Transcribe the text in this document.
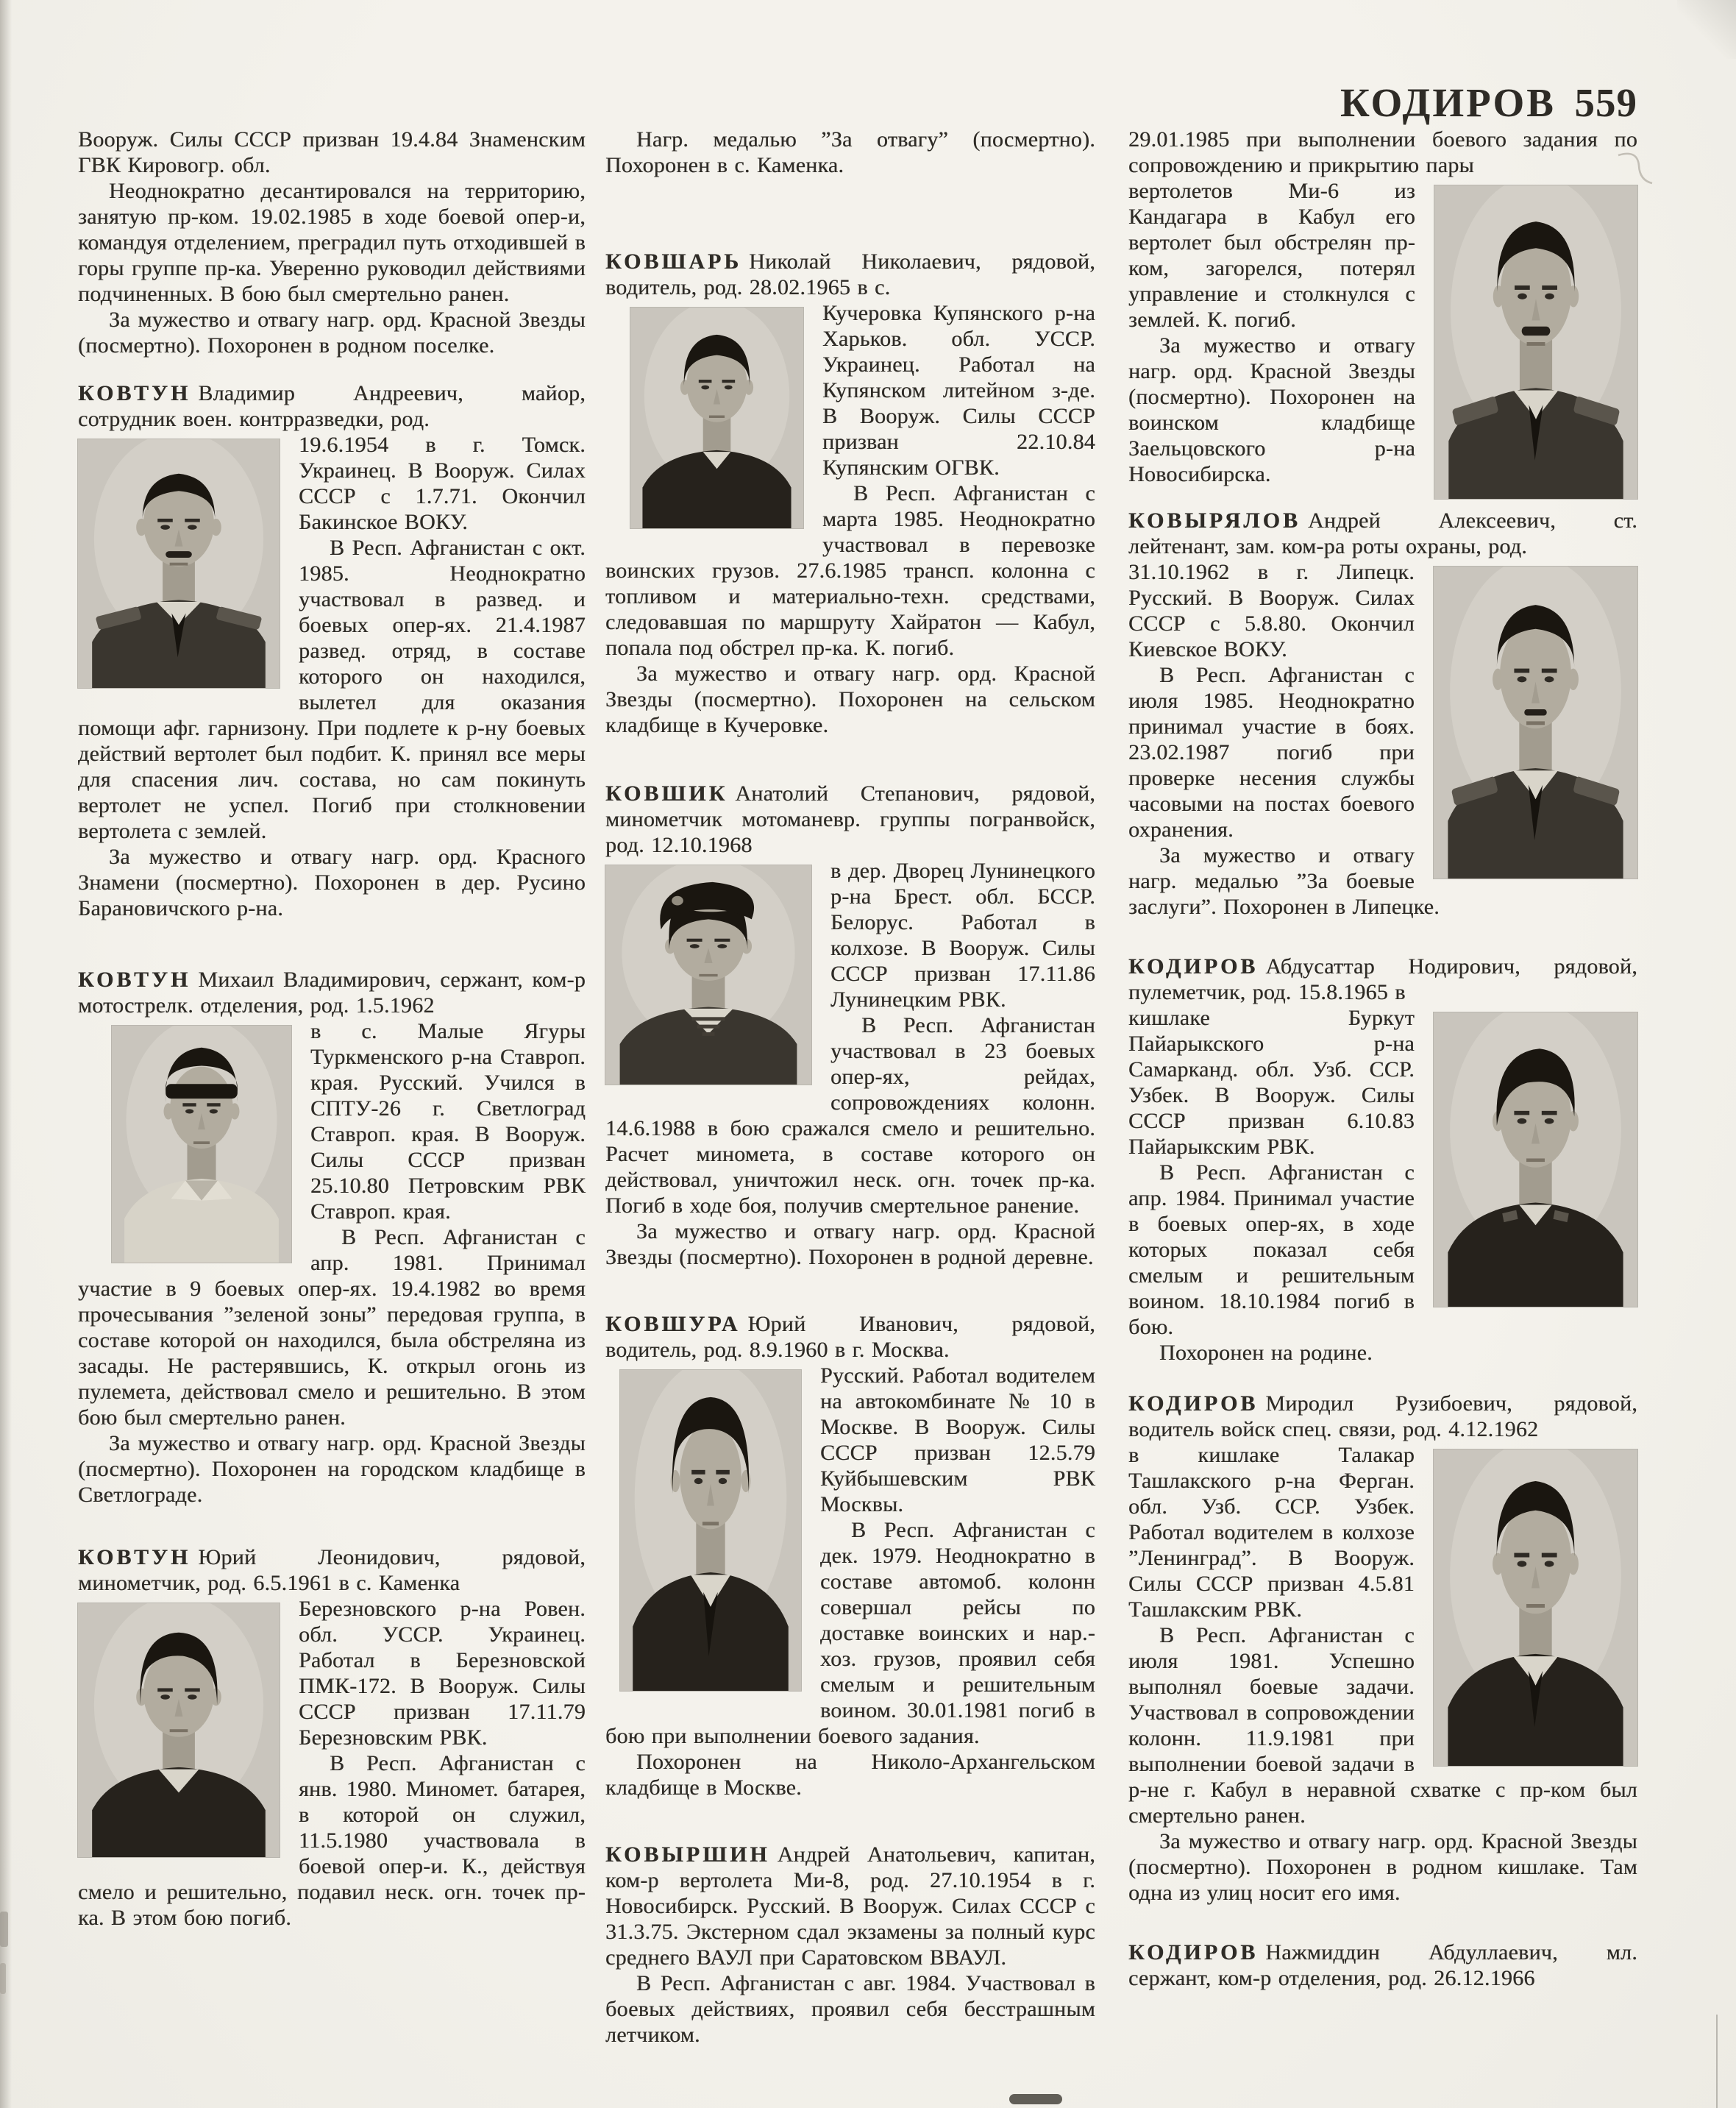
КОДИРОВ 559

Вооруж. Силы СССР призван 19.4.84 Знаменским ГВК Кировогр. обл.

Неоднократно десантировался на территорию, занятую пр-ком. 19.02.1985 в ходе боевой опер-и, командуя отделением, преградил путь отходившей в горы группе пр-ка. Уверенно руководил действиями подчиненных. В бою был смертельно ранен.

За мужество и отвагу нагр. орд. Красной Звезды (посмертно). Похоронен в родном поселке.

КОВТУН Владимир Андреевич, майор, сотрудник воен. контрразведки, род.

19.6.1954 в г. Томск. Украинец. В Вооруж. Силах СССР с 1.7.71. Окончил Бакинское ВОКУ.

В Респ. Афганистан с окт. 1985. Неоднократно участвовал в развед. и боевых опер-ях. 21.4.1987 развед. отряд, в составе которого он находился, вылетел для оказания помощи афг. гарнизону. При подлете к р-ну боевых действий вертолет был подбит. К. принял все меры для спасения лич. состава, но сам покинуть вертолет не успел. Погиб при столкновении вертолета с землей.

За мужество и отвагу нагр. орд. Красного Знамени (посмертно). Похоронен в дер. Русино Барановичского р-на.

КОВТУН Михаил Владимирович, сержант, ком-р мотострелк. отделения, род. 1.5.1962

в с. Малые Ягуры Туркменского р-на Ставроп. края. Русский. Учился в СПТУ-26 г. Светлоград Ставроп. края. В Вооруж. Силы СССР призван 25.10.80 Петровским РВК Ставроп. края.

В Респ. Афганистан с апр. 1981. Принимал участие в 9 боевых опер-ях. 19.4.1982 во время прочесывания ”зеленой зоны” передовая группа, в составе которой он находился, была обстреляна из засады. Не растерявшись, К. открыл огонь из пулемета, действовал смело и решительно. В этом бою был смертельно ранен.

За мужество и отвагу нагр. орд. Красной Звезды (посмертно). Похоронен на городском кладбище в Светлограде.

КОВТУН Юрий Леонидович, рядовой, минометчик, род. 6.5.1961 в с. Каменка

Березновского р-на Ровен. обл. УССР. Украинец. Работал в Березновской ПМК-172. В Вооруж. Силы СССР призван 17.11.79 Березновским РВК.

В Респ. Афганистан с янв. 1980. Миномет. батарея, в которой он служил, 11.5.1980 участвовала в боевой опер-и. К., действуя смело и решительно, подавил неск. огн. точек пр-ка. В этом бою погиб.

Нагр. медалью ”За отвагу” (посмертно). Похоронен в с. Каменка.

КОВШАРЬ Николай Николаевич, рядовой, водитель, род. 28.02.1965 в с.

Кучеровка Купянского р-на Харьков. обл. УССР. Украинец. Работал на Купянском литейном з-де. В Вооруж. Силы СССР призван 22.10.84 Купянским ОГВК.

В Респ. Афганистан с марта 1985. Неоднократно участвовал в перевозке воинских грузов. 27.6.1985 трансп. колонна с топливом и материально-техн. средствами, следовавшая по маршруту Хайратон — Кабул, попала под обстрел пр-ка. К. погиб.

За мужество и отвагу нагр. орд. Красной Звезды (посмертно). Похоронен на сельском кладбище в Кучеровке.

КОВШИК Анатолий Степанович, рядовой, минометчик мотоманевр. группы погранвойск, род. 12.10.1968

в дер. Дворец Лунинецкого р-на Брест. обл. БССР. Белорус. Работал в колхозе. В Вооруж. Силы СССР призван 17.11.86 Лунинецким РВК.

В Респ. Афганистан участвовал в 23 боевых опер-ях, рейдах, сопровождениях колонн. 14.6.1988 в бою сражался смело и решительно. Расчет миномета, в составе которого он действовал, уничтожил неск. огн. точек пр-ка. Погиб в ходе боя, получив смертельное ранение.

За мужество и отвагу нагр. орд. Красной Звезды (посмертно). Похоронен в родной деревне.

КОВШУРА Юрий Иванович, рядовой, водитель, род. 8.9.1960 в г. Москва.

Русский. Работал водителем на автокомбинате № 10 в Москве. В Вооруж. Силы СССР призван 12.5.79 Куйбышевским РВК Москвы.

В Респ. Афганистан с дек. 1979. Неоднократно в составе автомоб. колонн совершал рейсы по доставке воинских и нар.-хоз. грузов, проявил себя смелым и решительным воином. 30.01.1981 погиб в бою при выполнении боевого задания.

Похоронен на Николо-Архангельском кладбище в Москве.

КОВЫРШИН Андрей Анатольевич, капитан, ком-р вертолета Ми-8, род. 27.10.1954 в г. Новосибирск. Русский. В Вооруж. Силах СССР с 31.3.75. Экстерном сдал экзамены за полный курс среднего ВАУЛ при Саратовском ВВАУЛ.

В Респ. Афганистан с авг. 1984. Участвовал в боевых действиях, проявил себя бесстрашным летчиком.

29.01.1985 при выполнении боевого задания по сопровождению и прикрытию пары

вертолетов Ми-6 из Кандагара в Кабул его вертолет был обстрелян пр-ком, загорелся, потерял управление и столкнулся с землей. К. погиб.

За мужество и отвагу нагр. орд. Красной Звезды (посмертно). Похоронен на воинском кладбище Заельцовского р-на Новосибирска.

КОВЫРЯЛОВ Андрей Алексеевич, ст. лейтенант, зам. ком-ра роты охраны, род.

31.10.1962 в г. Липецк. Русский. В Вооруж. Силах СССР с 5.8.80. Окончил Киевское ВОКУ.

В Респ. Афганистан с июля 1985. Неоднократно принимал участие в боях. 23.02.1987 погиб при проверке несения службы часовыми на постах боевого охранения.

За мужество и отвагу нагр. медалью ”За боевые заслуги”. Похоронен в Липецке.

КОДИРОВ Абдусаттар Нодирович, рядовой, пулеметчик, род. 15.8.1965 в

кишлаке Буркут Пайарыкского р-на Самарканд. обл. Узб. ССР. Узбек. В Вооруж. Силы СССР призван 6.10.83 Пайарыкским РВК.

В Респ. Афганистан с апр. 1984. Принимал участие в боевых опер-ях, в ходе которых показал себя смелым и решительным воином. 18.10.1984 погиб в бою.

Похоронен на родине.

КОДИРОВ Миродил Рузибоевич, рядовой, водитель войск спец. связи, род. 4.12.1962

в кишлаке Талакар Ташлакского р-на Ферган. обл. Узб. ССР. Узбек. Работал водителем в колхозе ”Ленинград”. В Вооруж. Силы СССР призван 4.5.81 Ташлакским РВК.

В Респ. Афганистан с июля 1981. Успешно выполнял боевые задачи. Участвовал в сопровождении колонн. 11.9.1981 при выполнении боевой задачи в р-не г. Кабул в неравной схватке с пр-ком был смертельно ранен.

За мужество и отвагу нагр. орд. Красной Звезды (посмертно). Похоронен в родном кишлаке. Там одна из улиц носит его имя.

КОДИРОВ Нажмиддин Абдуллаевич, мл. сержант, ком-р отделения, род. 26.12.1966
